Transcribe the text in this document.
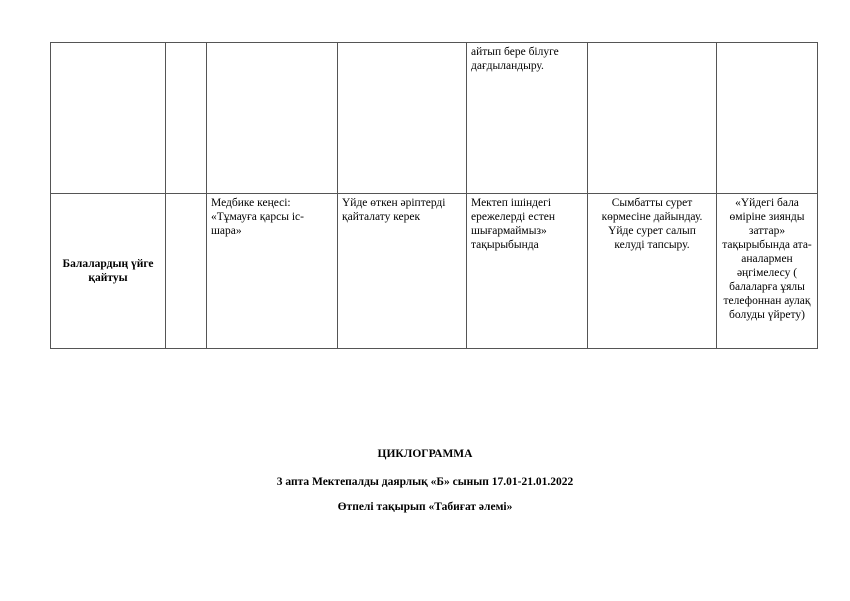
				айтып бере білуге дағдыландыру.		
Балалардың үйге қайтуы		Медбике кеңесі: «Тұмауға қарсы іс-шара»	Үйде өткен әріптерді қайталату керек	Мектеп ішіндегі ережелерді естен шығармаймыз» тақырыбында	Сымбатты сурет көрмесіне дайындау. Үйде сурет салып келуді тапсыру.	«Үйдегі бала өміріне зиянды заттар» тақырыбында ата-аналармен әңгімелесу ( балаларға ұялы телефоннан аулақ болуды үйрету)
ЦИКЛОГРАММА
3 апта Мектепалды даярлық «Б» сынып 17.01-21.01.2022
Өтпелі тақырып «Табиғат әлемі»
